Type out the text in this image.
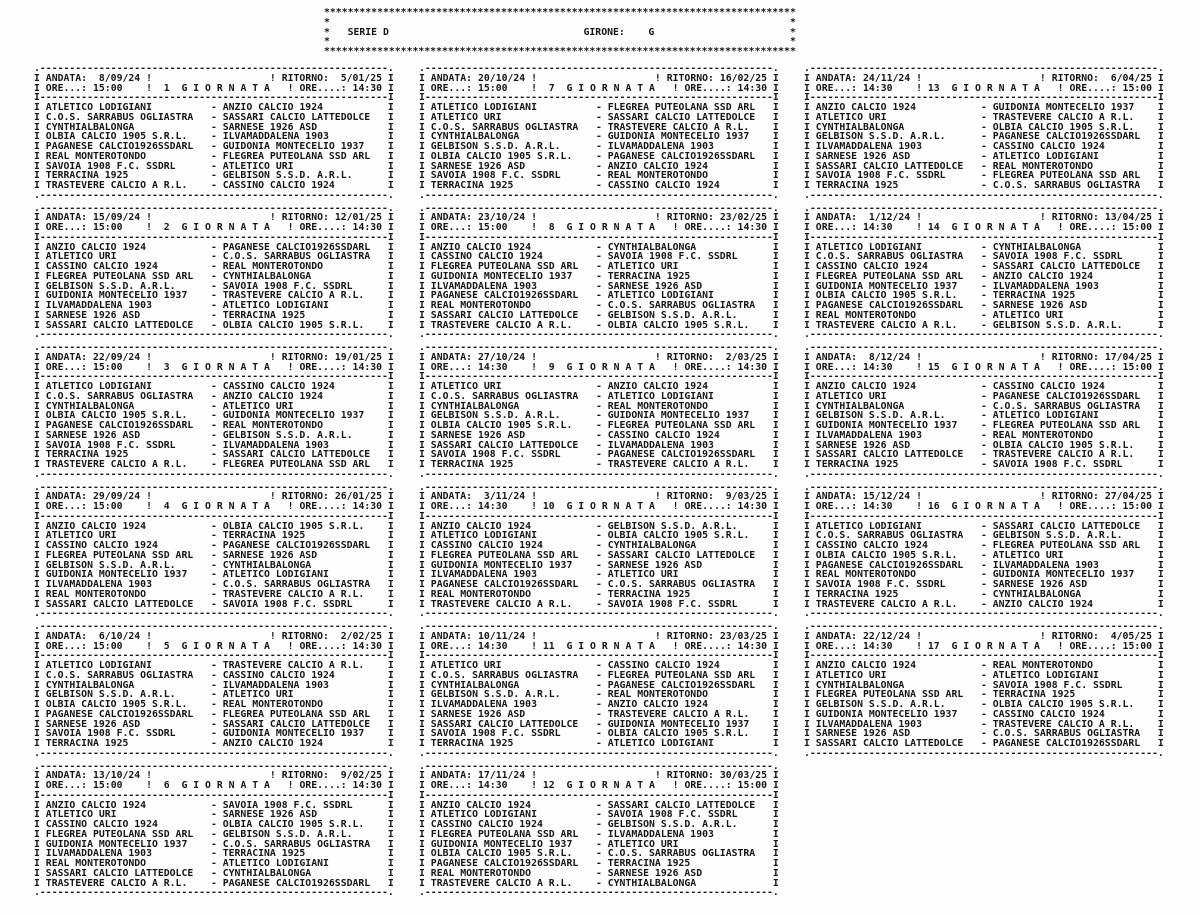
********************************************************************************
*                                                                              *
*   SERIE D	GIRONE: G                       *
*                                                                              *
********************************************************************************
.-----------------------------------------------------------.
I ANDATA: 8/09/24 !                    ! RITORNO: 5/01/25 I
I ORE...: 15:00    ! 1 G I O R N A T A   ! ORE....: 14:30 I
I-----------------------------------------------------------I
I ATLETICO LODIGIANI	- ANZIO CALCIO 1924	I
I C.O.S. SARRABUS OGLIASTRA - SASSARI CALCIO LATTEDOLCE I
I CYNTHIALBALONGA	- SARNESE 1926 ASD	I
I OLBIA CALCIO 1905 S.R.L. - ILVAMADDALENA 1903	I
I PAGANESE CALCIO1926SSDARL - GUIDONIA MONTECELIO 1937 I
I REAL MONTEROTONDO	- FLEGREA PUTEOLANA SSD ARL I
I SAVOIA 1908 F.C. SSDRL	- ATLETICO URI	I
I TERRACINA 1925	- GELBISON S.S.D. A.R.L.	I
I TRASTEVERE CALCIO A R.L. - CASSINO CALCIO 1924	I
.-----------------------------------------------------------.
.-----------------------------------------------------------.
I ANDATA: 15/09/24 !                    ! RITORNO: 12/01/25 I
I ORE...: 15:00    ! 2 G I O R N A T A   ! ORE....: 14:30 I
I-----------------------------------------------------------I
I ANZIO CALCIO 1924	- PAGANESE CALCIO1926SSDARL I
I ATLETICO URI	- C.O.S. SARRABUS OGLIASTRA I
I CASSINO CALCIO 1924	- REAL MONTEROTONDO	I
I FLEGREA PUTEOLANA SSD ARL - CYNTHIALBALONGA	I
I GELBISON S.S.D. A.R.L.	- SAVOIA 1908 F.C. SSDRL	I
I GUIDONIA MONTECELIO 1937 - TRASTEVERE CALCIO A R.L. I
I ILVAMADDALENA 1903	- ATLETICO LODIGIANI	I
I SARNESE 1926 ASD	- TERRACINA 1925	I
I SASSARI CALCIO LATTEDOLCE - OLBIA CALCIO 1905 S.R.L. I
.-----------------------------------------------------------.
.-----------------------------------------------------------.
I ANDATA: 22/09/24 !                    ! RITORNO: 19/01/25 I
I ORE...: 15:00    ! 3 G I O R N A T A   ! ORE....: 14:30 I
I-----------------------------------------------------------I
I ATLETICO LODIGIANI	- CASSINO CALCIO 1924	I
I C.O.S. SARRABUS OGLIASTRA - ANZIO CALCIO 1924	I
I CYNTHIALBALONGA	- ATLETICO URI	I
I OLBIA CALCIO 1905 S.R.L. - GUIDONIA MONTECELIO 1937 I
I PAGANESE CALCIO1926SSDARL - REAL MONTEROTONDO	I
I SARNESE 1926 ASD	- GELBISON S.S.D. A.R.L.	I
I SAVOIA 1908 F.C. SSDRL	- ILVAMADDALENA 1903	I
I TERRACINA 1925	- SASSARI CALCIO LATTEDOLCE I
I TRASTEVERE CALCIO A R.L. - FLEGREA PUTEOLANA SSD ARL I
.-----------------------------------------------------------.
.-----------------------------------------------------------.
I ANDATA: 29/09/24 !                    ! RITORNO: 26/01/25 I
I ORE...: 15:00    ! 4 G I O R N A T A   ! ORE....: 14:30 I
I-----------------------------------------------------------I
I ANZIO CALCIO 1924	- OLBIA CALCIO 1905 S.R.L. I
I ATLETICO URI	- TERRACINA 1925	I
I CASSINO CALCIO 1924	- PAGANESE CALCIO1926SSDARL I
I FLEGREA PUTEOLANA SSD ARL - SARNESE 1926 ASD	I
I GELBISON S.S.D. A.R.L.	- CYNTHIALBALONGA	I
I GUIDONIA MONTECELIO 1937 - ATLETICO LODIGIANI	I
I ILVAMADDALENA 1903	- C.O.S. SARRABUS OGLIASTRA I
I REAL MONTEROTONDO	- TRASTEVERE CALCIO A R.L. I
I SASSARI CALCIO LATTEDOLCE - SAVOIA 1908 F.C. SSDRL	I
.-----------------------------------------------------------.
.-----------------------------------------------------------.
I ANDATA: 6/10/24 !                    ! RITORNO: 2/02/25 I
I ORE...: 15:00    ! 5 G I O R N A T A   ! ORE....: 14:30 I
I-----------------------------------------------------------I
I ATLETICO LODIGIANI	- TRASTEVERE CALCIO A R.L. I
I C.O.S. SARRABUS OGLIASTRA - CASSINO CALCIO 1924	I
I CYNTHIALBALONGA	- ILVAMADDALENA 1903	I
I GELBISON S.S.D. A.R.L.	- ATLETICO URI	I
I OLBIA CALCIO 1905 S.R.L. - REAL MONTEROTONDO	I
I PAGANESE CALCIO1926SSDARL - FLEGREA PUTEOLANA SSD ARL I
I SARNESE 1926 ASD	- SASSARI CALCIO LATTEDOLCE I
I SAVOIA 1908 F.C. SSDRL	- GUIDONIA MONTECELIO 1937 I
I TERRACINA 1925	- ANZIO CALCIO 1924	I
.-----------------------------------------------------------.
.-----------------------------------------------------------.
I ANDATA: 13/10/24 !                    ! RITORNO: 9/02/25 I
I ORE...: 15:00    ! 6 G I O R N A T A   ! ORE....: 14:30 I
I-----------------------------------------------------------I
I ANZIO CALCIO 1924	- SAVOIA 1908 F.C. SSDRL	I
I ATLETICO URI	- SARNESE 1926 ASD	I
I CASSINO CALCIO 1924	- OLBIA CALCIO 1905 S.R.L. I
I FLEGREA PUTEOLANA SSD ARL - GELBISON S.S.D. A.R.L.	I
I GUIDONIA MONTECELIO 1937 - C.O.S. SARRABUS OGLIASTRA I
I ILVAMADDALENA 1903	- TERRACINA 1925	I
I REAL MONTEROTONDO	- ATLETICO LODIGIANI	I
I SASSARI CALCIO LATTEDOLCE - CYNTHIALBALONGA	I
I TRASTEVERE CALCIO A R.L. - PAGANESE CALCIO1926SSDARL I
.-----------------------------------------------------------.
.-----------------------------------------------------------.
I ANDATA: 20/10/24 !                    ! RITORNO: 16/02/25 I
I ORE...: 15:00    ! 7 G I O R N A T A   ! ORE....: 14:30 I
I-----------------------------------------------------------I
I ATLETICO LODIGIANI	- FLEGREA PUTEOLANA SSD ARL I
I ATLETICO URI	- SASSARI CALCIO LATTEDOLCE I
I C.O.S. SARRABUS OGLIASTRA - TRASTEVERE CALCIO A R.L. I
I CYNTHIALBALONGA	- GUIDONIA MONTECELIO 1937 I
I GELBISON S.S.D. A.R.L.	- ILVAMADDALENA 1903	I
I OLBIA CALCIO 1905 S.R.L. - PAGANESE CALCIO1926SSDARL I
I SARNESE 1926 ASD	- ANZIO CALCIO 1924	I
I SAVOIA 1908 F.C. SSDRL	- REAL MONTEROTONDO	I
I TERRACINA 1925	- CASSINO CALCIO 1924	I
.-----------------------------------------------------------.
.-----------------------------------------------------------.
I ANDATA: 23/10/24 !                    ! RITORNO: 23/02/25 I
I ORE...: 15:00    ! 8 G I O R N A T A   ! ORE....: 14:30 I
I-----------------------------------------------------------I
I ANZIO CALCIO 1924	- CYNTHIALBALONGA	I
I CASSINO CALCIO 1924	- SAVOIA 1908 F.C. SSDRL	I
I FLEGREA PUTEOLANA SSD ARL - ATLETICO URI	I
I GUIDONIA MONTECELIO 1937 - TERRACINA 1925	I
I ILVAMADDALENA 1903	- SARNESE 1926 ASD	I
I PAGANESE CALCIO1926SSDARL - ATLETICO LODIGIANI	I
I REAL MONTEROTONDO	- C.O.S. SARRABUS OGLIASTRA I
I SASSARI CALCIO LATTEDOLCE - GELBISON S.S.D. A.R.L.	I
I TRASTEVERE CALCIO A R.L. - OLBIA CALCIO 1905 S.R.L. I
.-----------------------------------------------------------.
.-----------------------------------------------------------.
I ANDATA: 27/10/24 !                    ! RITORNO: 2/03/25 I
I ORE...: 14:30    ! 9 G I O R N A T A   ! ORE....: 14:30 I
I-----------------------------------------------------------I
I ATLETICO URI	- ANZIO CALCIO 1924	I
I C.O.S. SARRABUS OGLIASTRA - ATLETICO LODIGIANI	I
I CYNTHIALBALONGA	- REAL MONTEROTONDO	I
I GELBISON S.S.D. A.R.L.	- GUIDONIA MONTECELIO 1937 I
I OLBIA CALCIO 1905 S.R.L. - FLEGREA PUTEOLANA SSD ARL I
I SARNESE 1926 ASD	- CASSINO CALCIO 1924	I
I SASSARI CALCIO LATTEDOLCE - ILVAMADDALENA 1903	I
I SAVOIA 1908 F.C. SSDRL	- PAGANESE CALCIO1926SSDARL I
I TERRACINA 1925	- TRASTEVERE CALCIO A R.L. I
.-----------------------------------------------------------.
.-----------------------------------------------------------.
I ANDATA: 3/11/24 !                    ! RITORNO: 9/03/25 I
I ORE...: 14:30    ! 10 G I O R N A T A   ! ORE....: 14:30 I
I-----------------------------------------------------------I
I ANZIO CALCIO 1924	- GELBISON S.S.D. A.R.L.	I
I ATLETICO LODIGIANI	- OLBIA CALCIO 1905 S.R.L. I
I CASSINO CALCIO 1924	- CYNTHIALBALONGA	I
I FLEGREA PUTEOLANA SSD ARL - SASSARI CALCIO LATTEDOLCE I
I GUIDONIA MONTECELIO 1937 - SARNESE 1926 ASD	I
I ILVAMADDALENA 1903	- ATLETICO URI	I
I PAGANESE CALCIO1926SSDARL - C.O.S. SARRABUS OGLIASTRA I
I REAL MONTEROTONDO	- TERRACINA 1925	I
I TRASTEVERE CALCIO A R.L. - SAVOIA 1908 F.C. SSDRL	I
.-----------------------------------------------------------.
.-----------------------------------------------------------.
I ANDATA: 10/11/24 !                    ! RITORNO: 23/03/25 I
I ORE...: 14:30    ! 11 G I O R N A T A   ! ORE....: 14:30 I
I-----------------------------------------------------------I
I ATLETICO URI	- CASSINO CALCIO 1924	I
I C.O.S. SARRABUS OGLIASTRA - FLEGREA PUTEOLANA SSD ARL I
I CYNTHIALBALONGA	- PAGANESE CALCIO1926SSDARL I
I GELBISON S.S.D. A.R.L.	- REAL MONTEROTONDO	I
I ILVAMADDALENA 1903	- ANZIO CALCIO 1924	I
I SARNESE 1926 ASD	- TRASTEVERE CALCIO A R.L. I
I SASSARI CALCIO LATTEDOLCE - GUIDONIA MONTECELIO 1937 I
I SAVOIA 1908 F.C. SSDRL	- OLBIA CALCIO 1905 S.R.L. I
I TERRACINA 1925	- ATLETICO LODIGIANI	I
.-----------------------------------------------------------.
.-----------------------------------------------------------.
I ANDATA: 17/11/24 !                    ! RITORNO: 30/03/25 I
I ORE...: 14:30    ! 12 G I O R N A T A   ! ORE....: 15:00 I
I-----------------------------------------------------------I
I ANZIO CALCIO 1924	- SASSARI CALCIO LATTEDOLCE I
I ATLETICO LODIGIANI	- SAVOIA 1908 F.C. SSDRL	I
I CASSINO CALCIO 1924	- GELBISON S.S.D. A.R.L.	I
I FLEGREA PUTEOLANA SSD ARL - ILVAMADDALENA 1903	I
I GUIDONIA MONTECELIO 1937 - ATLETICO URI	I
I OLBIA CALCIO 1905 S.R.L. - C.O.S. SARRABUS OGLIASTRA I
I PAGANESE CALCIO1926SSDARL - TERRACINA 1925	I
I REAL MONTEROTONDO	- SARNESE 1926 ASD	I
I TRASTEVERE CALCIO A R.L. - CYNTHIALBALONGA	I
.-----------------------------------------------------------.
.-----------------------------------------------------------.
I ANDATA: 24/11/24 !                    ! RITORNO: 6/04/25 I
I ORE...: 14:30    ! 13 G I O R N A T A   ! ORE....: 15:00 I
I-----------------------------------------------------------I
I ANZIO CALCIO 1924	- GUIDONIA MONTECELIO 1937 I
I ATLETICO URI	- TRASTEVERE CALCIO A R.L. I
I CYNTHIALBALONGA	- OLBIA CALCIO 1905 S.R.L. I
I GELBISON S.S.D. A.R.L.	- PAGANESE CALCIO1926SSDARL I
I ILVAMADDALENA 1903	- CASSINO CALCIO 1924	I
I SARNESE 1926 ASD	- ATLETICO LODIGIANI	I
I SASSARI CALCIO LATTEDOLCE - REAL MONTEROTONDO	I
I SAVOIA 1908 F.C. SSDRL	- FLEGREA PUTEOLANA SSD ARL I
I TERRACINA 1925	- C.O.S. SARRABUS OGLIASTRA I
.-----------------------------------------------------------.
.-----------------------------------------------------------.
I ANDATA: 1/12/24 !                    ! RITORNO: 13/04/25 I
I ORE...: 14:30    ! 14 G I O R N A T A   ! ORE....: 15:00 I
I-----------------------------------------------------------I
I ATLETICO LODIGIANI	- CYNTHIALBALONGA	I
I C.O.S. SARRABUS OGLIASTRA - SAVOIA 1908 F.C. SSDRL	I
I CASSINO CALCIO 1924	- SASSARI CALCIO LATTEDOLCE I
I FLEGREA PUTEOLANA SSD ARL - ANZIO CALCIO 1924	I
I GUIDONIA MONTECELIO 1937 - ILVAMADDALENA 1903	I
I OLBIA CALCIO 1905 S.R.L. - TERRACINA 1925	I
I PAGANESE CALCIO1926SSDARL - SARNESE 1926 ASD	I
I REAL MONTEROTONDO	- ATLETICO URI	I
I TRASTEVERE CALCIO A R.L. - GELBISON S.S.D. A.R.L.	I
.-----------------------------------------------------------.
.-----------------------------------------------------------.
I ANDATA: 8/12/24 !                    ! RITORNO: 17/04/25 I
I ORE...: 14:30    ! 15 G I O R N A T A   ! ORE....: 15:00 I
I-----------------------------------------------------------I
I ANZIO CALCIO 1924	- CASSINO CALCIO 1924	I
I ATLETICO URI	- PAGANESE CALCIO1926SSDARL I
I CYNTHIALBALONGA	- C.O.S. SARRABUS OGLIASTRA I
I GELBISON S.S.D. A.R.L.	- ATLETICO LODIGIANI	I
I GUIDONIA MONTECELIO 1937 - FLEGREA PUTEOLANA SSD ARL I
I ILVAMADDALENA 1903	- REAL MONTEROTONDO	I
I SARNESE 1926 ASD	- OLBIA CALCIO 1905 S.R.L. I
I SASSARI CALCIO LATTEDOLCE - TRASTEVERE CALCIO A R.L. I
I TERRACINA 1925	- SAVOIA 1908 F.C. SSDRL	I
.-----------------------------------------------------------.
.-----------------------------------------------------------.
I ANDATA: 15/12/24 !                    ! RITORNO: 27/04/25 I
I ORE...: 14:30    ! 16 G I O R N A T A   ! ORE....: 15:00 I
I-----------------------------------------------------------I
I ATLETICO LODIGIANI	- SASSARI CALCIO LATTEDOLCE I
I C.O.S. SARRABUS OGLIASTRA - GELBISON S.S.D. A.R.L.	I
I CASSINO CALCIO 1924	- FLEGREA PUTEOLANA SSD ARL I
I OLBIA CALCIO 1905 S.R.L. - ATLETICO URI	I
I PAGANESE CALCIO1926SSDARL - ILVAMADDALENA 1903	I
I REAL MONTEROTONDO	- GUIDONIA MONTECELIO 1937 I
I SAVOIA 1908 F.C. SSDRL	- SARNESE 1926 ASD	I
I TERRACINA 1925	- CYNTHIALBALONGA	I
I TRASTEVERE CALCIO A R.L. - ANZIO CALCIO 1924	I
.-----------------------------------------------------------.
.-----------------------------------------------------------.
I ANDATA: 22/12/24 !                    ! RITORNO: 4/05/25 I
I ORE...: 14:30    ! 17 G I O R N A T A   ! ORE....: 15:00 I
I-----------------------------------------------------------I
I ANZIO CALCIO 1924	- REAL MONTEROTONDO	I
I ATLETICO URI	- ATLETICO LODIGIANI	I
I CYNTHIALBALONGA	- SAVOIA 1908 F.C. SSDRL	I
I FLEGREA PUTEOLANA SSD ARL - TERRACINA 1925	I
I GELBISON S.S.D. A.R.L.	- OLBIA CALCIO 1905 S.R.L. I
I GUIDONIA MONTECELIO 1937 - CASSINO CALCIO 1924	I
I ILVAMADDALENA 1903	- TRASTEVERE CALCIO A R.L. I
I SARNESE 1926 ASD	- C.O.S. SARRABUS OGLIASTRA I
I SASSARI CALCIO LATTEDOLCE - PAGANESE CALCIO1926SSDARL I
.-----------------------------------------------------------.
